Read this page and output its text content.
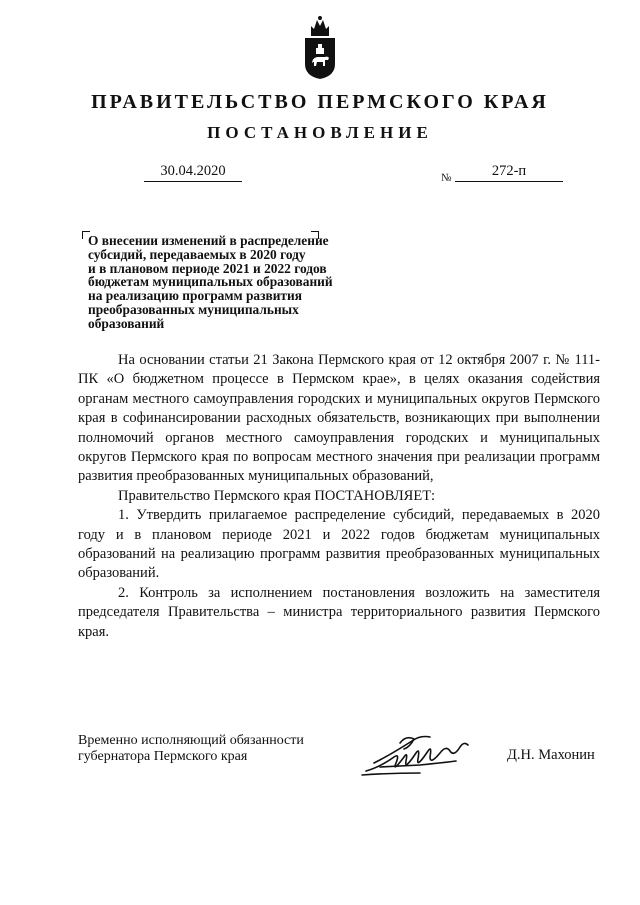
ПРАВИТЕЛЬСТВО ПЕРМСКОГО КРАЯ
ПОСТАНОВЛЕНИЕ
30.04.2020	№	272-п
О внесении изменений в распределение
субсидий, передаваемых в 2020 году
и в плановом периоде 2021 и 2022 годов
бюджетам муниципальных образований
на реализацию программ развития
преобразованных муниципальных
образований

На основании статьи 21 Закона Пермского края от 12 октября 2007 г. № 111-ПК «О бюджетном процессе в Пермском крае», в целях оказания содействия органам местного самоуправления городских и муниципальных округов Пермского края в софинансировании расходных обязательств, возникающих при выполнении полномочий органов местного самоуправления городских и муниципальных округов Пермского края по вопросам местного значения при реализации программ развития преобразованных муниципальных образований,

Правительство Пермского края ПОСТАНОВЛЯЕТ:

1. Утвердить прилагаемое распределение субсидий, передаваемых в 2020 году и в плановом периоде 2021 и 2022 годов бюджетам муниципальных образований на реализацию программ развития преобразованных муниципальных образований.

2. Контроль за исполнением постановления возложить на заместителя председателя Правительства – министра территориального развития Пермского края.

Временно исполняющий обязанности
губернатора Пермского края	Д.Н. Махонин
